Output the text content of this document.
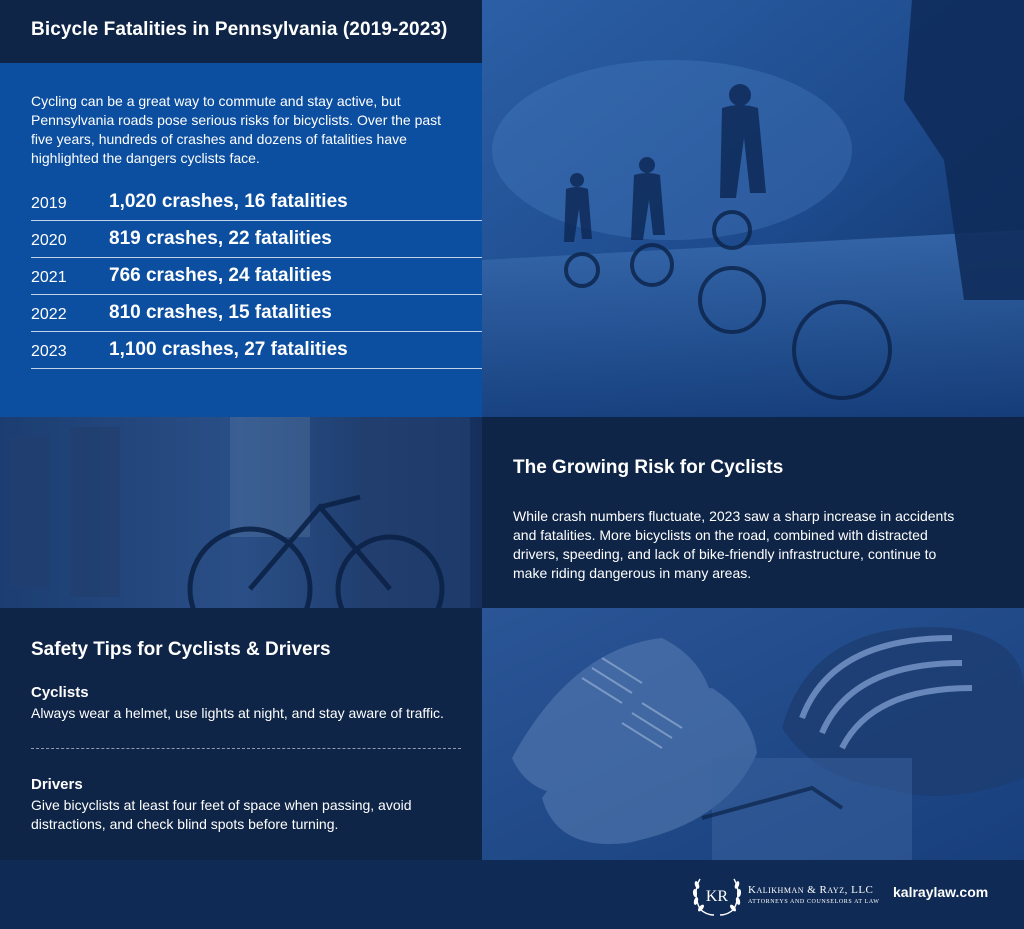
Bicycle Fatalities in Pennsylvania (2019-2023)

Cycling can be a great way to commute and stay active, but Pennsylvania roads pose serious risks for bicyclists. Over the past five years, hundreds of crashes and dozens of fatalities have highlighted the dangers cyclists face.

2019 1,020 crashes, 16 fatalities
2020 819 crashes, 22 fatalities
2021 766 crashes, 24 fatalities
2022 810 crashes, 15 fatalities
2023 1,100 crashes, 27 fatalities
The Growing Risk for Cyclists

While crash numbers fluctuate, 2023 saw a sharp increase in accidents and fatalities. More bicyclists on the road, combined with distracted drivers, speeding, and lack of bike-friendly infrastructure, continue to make riding dangerous in many areas.

Safety Tips for Cyclists & Drivers
Cyclists
Always wear a helmet, use lights at night, and stay aware of traffic.
Drivers
Give bicyclists at least four feet of space when passing, avoid distractions, and check blind spots before turning.
KR Kalikhman & Rayz, LLC
ATTORNEYS AND COUNSELORS AT LAW
kalraylaw.com
